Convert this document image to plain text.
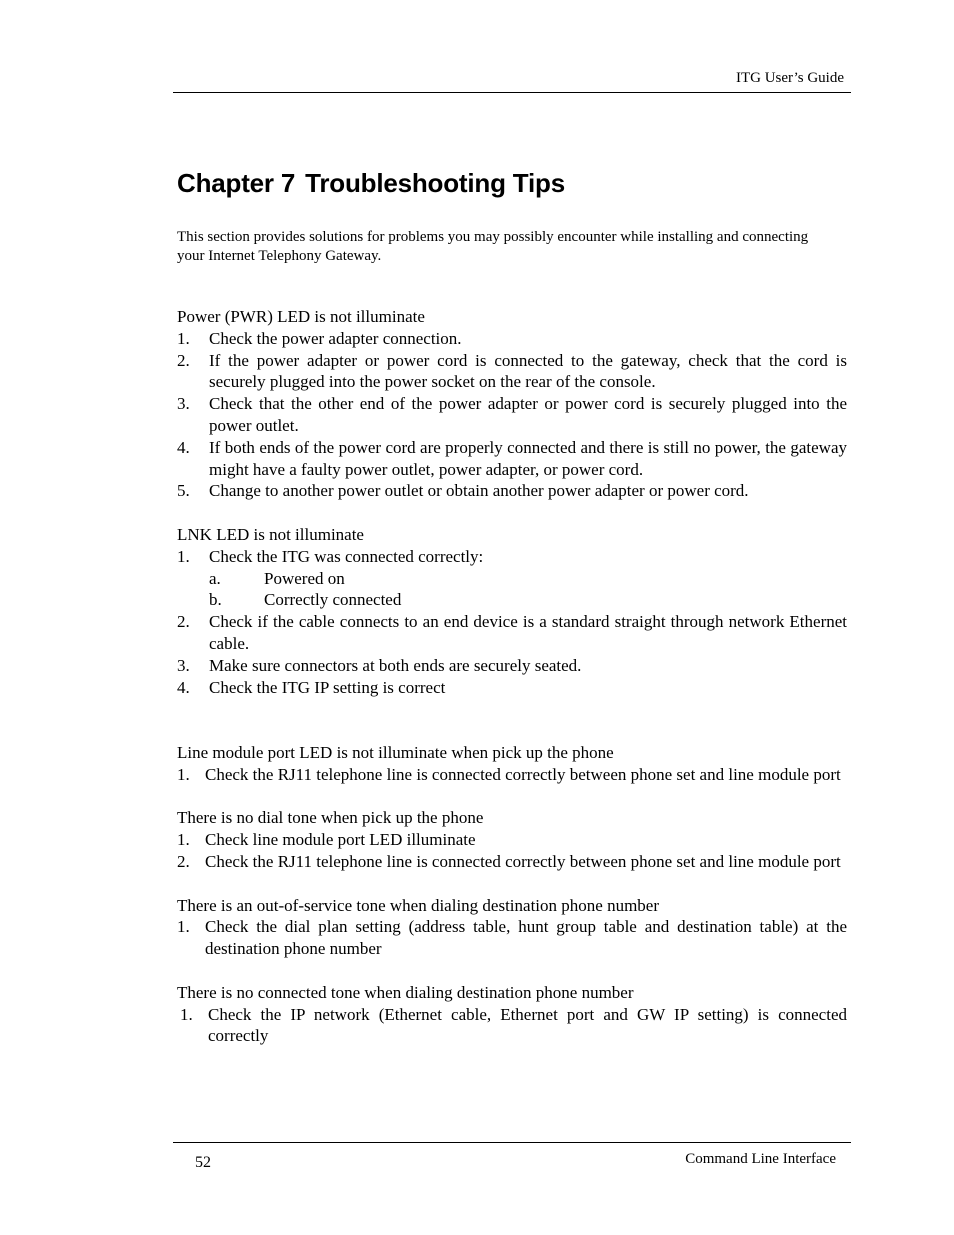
ITG User’s Guide
Chapter 7 Troubleshooting Tips
This section provides solutions for problems you may possibly encounter while installing and connecting your Internet Telephony Gateway.
Power (PWR) LED is not illuminate
1. Check the power adapter connection.
2. If the power adapter or power cord is connected to the gateway, check that the cord is securely plugged into the power socket on the rear of the console.
3. Check that the other end of the power adapter or power cord is securely plugged into the power outlet.
4. If both ends of the power cord are properly connected and there is still no power, the gateway might have a faulty power outlet, power adapter, or power cord.
5. Change to another power outlet or obtain another power adapter or power cord.
LNK LED is not illuminate
1. Check the ITG was connected correctly:
a.	Powered on
b. Correctly connected
2. Check if the cable connects to an end device is a standard straight through network Ethernet cable.
3. Make sure connectors at both ends are securely seated.
4. Check the ITG IP setting is correct
Line module port LED is not illuminate when pick up the phone
1. Check the RJ11 telephone line is connected correctly between phone set and line module port
There is no dial tone when pick up the phone
1. Check line module port LED illuminate
2. Check the RJ11 telephone line is connected correctly between phone set and line module port
There is an out-of-service tone when dialing destination phone number
1. Check the dial plan setting (address table, hunt group table and destination table) at the destination phone number
There is no connected tone when dialing destination phone number
1. Check the IP network (Ethernet cable, Ethernet port and GW IP setting) is connected correctly
52	Command Line Interface
